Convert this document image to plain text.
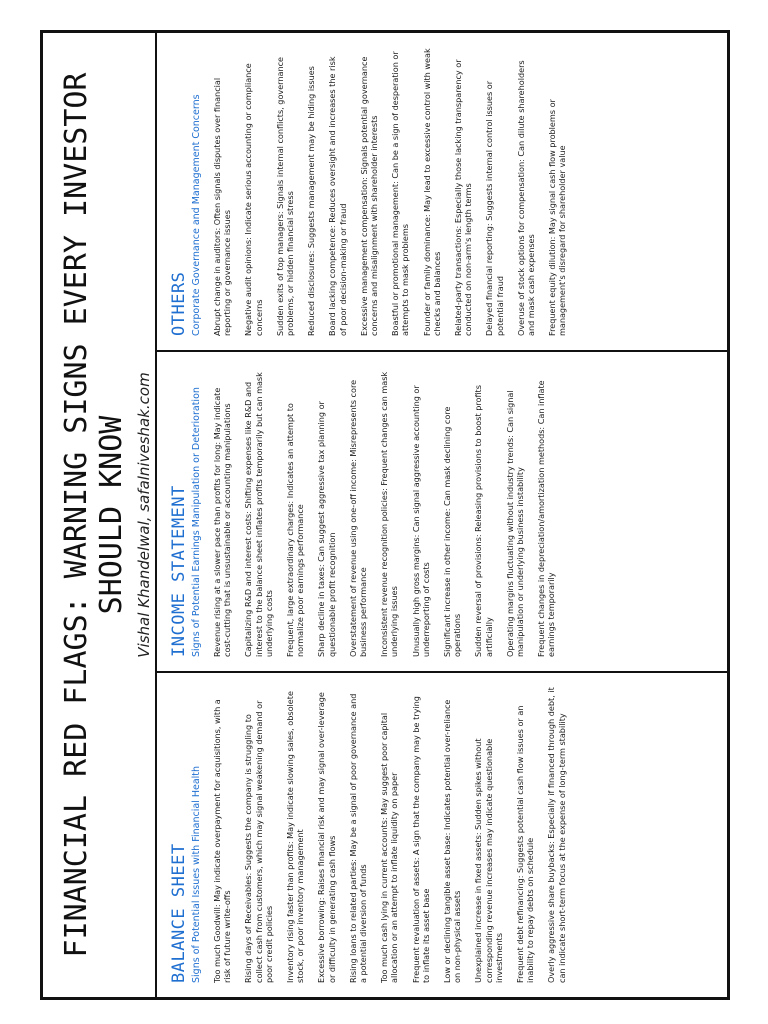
FINANCIAL RED FLAGS: WARNING SIGNS EVERY INVESTOR SHOULD KNOW Vishal Khandelwal, safalniveshak.com

BALANCE SHEET Signs of Potential Issues with Financial Health Too much Goodwill: May indicate overpayment for acquisitions, with a risk of future write-offs Rising days of Receivables: Suggests the company is struggling to collect cash from customers, which may signal weakening demand or poor credit policies Inventory rising faster than profits: May indicate slowing sales, obsolete stock, or poor inventory management Excessive borrowing: Raises financial risk and may signal over-leverage or difficulty in generating cash flows Rising loans to related parties: May be a signal of poor governance and a potential diversion of funds Too much cash lying in current accounts: May suggest poor capital allocation or an attempt to inflate liquidity on paper Frequent revaluation of assets: A sign that the company may be trying to inflate its asset base Low or declining tangible asset base: Indicates potential over-reliance on non-physical assets Unexplained increase in fixed assets: Sudden spikes without corresponding revenue increases may indicate questionable investments Frequent debt refinancing: Suggests potential cash flow issues or an inability to repay debts on schedule Overly aggressive share buybacks: Especially if financed through debt, it can indicate short-term focus at the expense of long-term stability
INCOME STATEMENT Signs of Potential Earnings Manipulation or Deterioration Revenue rising at a slower pace than profits for long: May indicate cost-cutting that is unsustainable or accounting manipulations Capitalizing R&D and interest costs: Shifting expenses like R&D and interest to the balance sheet inflates profits temporarily but can mask underlying costs Frequent, large extraordinary charges: Indicates an attempt to normalize poor earnings performance Sharp decline in taxes: Can suggest aggressive tax planning or questionable profit recognition Overstatement of revenue using one-off income: Misrepresents core business performance Inconsistent revenue recognition policies: Frequent changes can mask underlying issues Unusually high gross margins: Can signal aggressive accounting or underreporting of costs Significant increase in other income: Can mask declining core operations Sudden reversal of provisions: Releasing provisions to boost profits artificially Operating margins fluctuating without industry trends: Can signal manipulation or underlying business instability Frequent changes in depreciation/amortization methods: Can inflate earnings temporarily
OTHERS Corporate Governance and Management Concerns Abrupt change in auditors: Often signals disputes over financial reporting or governance issues Negative audit opinions: Indicate serious accounting or compliance concerns Sudden exits of top managers: Signals internal conflicts, governance problems, or hidden financial stress Reduced disclosures: Suggests management may be hiding issues Board lacking competence: Reduces oversight and increases the risk of poor decision-making or fraud Excessive management compensation: Signals potential governance concerns and misalignment with shareholder interests Boastful or promotional management: Can be a sign of desperation or attempts to mask problems Founder or family dominance: May lead to excessive control with weak checks and balances Related-party transactions: Especially those lacking transparency or conducted on non-arm's length terms Delayed financial reporting: Suggests internal control issues or potential fraud Overuse of stock options for compensation: Can dilute shareholders and mask cash expenses Frequent equity dilution: May signal cash flow problems or management's disregard for shareholder value
